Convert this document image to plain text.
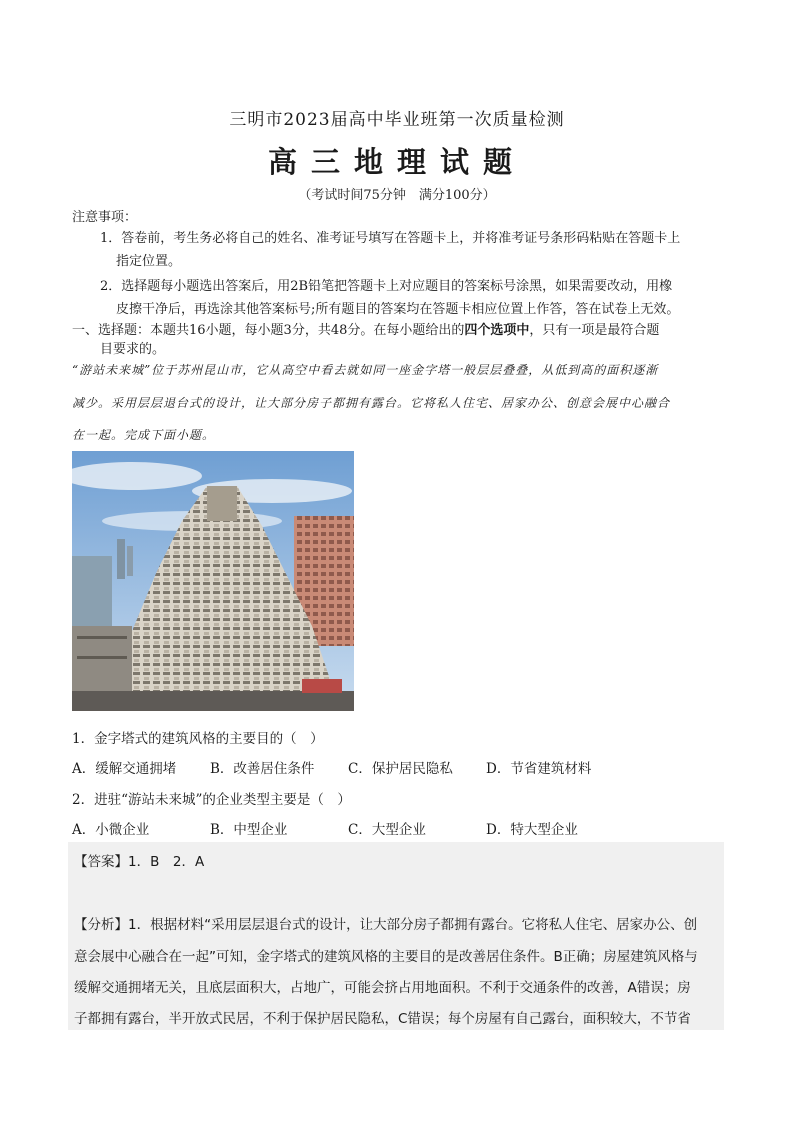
三明市2023届高中毕业班第一次质量检测
高三地理试题
（考试时间75分钟　满分100分）
注意事项：
1．答卷前，考生务必将自己的姓名、准考证号填写在答题卡上，并将准考证号条形码粘贴在答题卡上
指定位置。
2．选择题每小题选出答案后，用2B铅笔把答题卡上对应题目的答案标号涂黑，如果需要改动，用橡
皮擦干净后，再选涂其他答案标号;所有题目的答案均在答题卡相应位置上作答，答在试卷上无效。
一、选择题：本题共16小题，每小题3分，共48分。在每小题给出的四个选项中，只有一项是最符合题
目要求的。
“游站未来城”位于苏州昆山市，它从高空中看去就如同一座金字塔一般层层叠叠，从低到高的面积逐渐
减少。采用层层退台式的设计，让大部分房子都拥有露台。它将私人住宅、居家办公、创意会展中心融合
在一起。完成下面小题。
1．金字塔式的建筑风格的主要目的（　）
A．缓解交通拥堵	B．改善居住条件 C．保护居民隐私 D．节省建筑材料
2．进驻“游站未来城”的企业类型主要是（　）
A．小微企业	B．中型企业	C．大型企业	D．特大型企业
【答案】1．B　2．A
【分析】1．根据材料“采用层层退台式的设计，让大部分房子都拥有露台。它将私人住宅、居家办公、创
意会展中心融合在一起”可知，金字塔式的建筑风格的主要目的是改善居住条件。B正确；房屋建筑风格与
缓解交通拥堵无关，且底层面积大，占地广，可能会挤占用地面积。不利于交通条件的改善，A错误；房
子都拥有露台，半开放式民居，不利于保护居民隐私，C错误；每个房屋有自己露台，面积较大，不节省
